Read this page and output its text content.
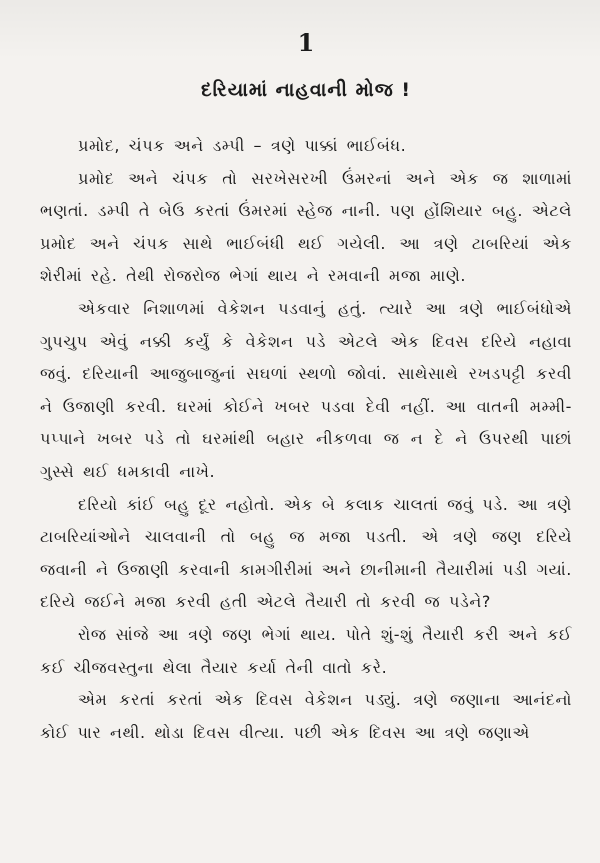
1
દરિયામાં નાહવાની મોજ !

પ્રમોદ, ચંપક અને ડમ્પી – ત્રણે પાક્કાં ભાઈબંધ.

પ્રમોદ અને ચંપક તો સરખેસરખી ઉંમરનાં અને એક જ શાળામાં ભણતાં. ડમ્પી તે બેઉ કરતાં ઉંમરમાં સ્હેજ નાની. પણ હોંશિયાર બહુ. એટલે પ્રમોદ અને ચંપક સાથે ભાઈબંધી થઈ ગયેલી. આ ત્રણે ટાબરિયાં એક શેરીમાં રહે. તેથી રોજરોજ ભેગાં થાય ને રમવાની મજા માણે.

એકવાર નિશાળમાં વેકેશન પડવાનું હતું. ત્યારે આ ત્રણે ભાઈબંધોએ ગુપચુપ એવું નક્કી કર્યું કે વેકેશન પડે એટલે એક દિવસ દરિયે નહાવા જવું. દરિયાની આજુબાજુનાં સઘળાં સ્થળો જોવાં. સાથેસાથે રખડપટ્ટી કરવી ને ઉજાણી કરવી. ઘરમાં કોઈને ખબર પડવા દેવી નહીં. આ વાતની મમ્મી-પપ્પાને ખબર પડે તો ઘરમાંથી બહાર નીકળવા જ ન દે ને ઉપરથી પાછાં ગુસ્સે થઈ ધમકાવી નાખે.

દરિયો કાંઈ બહુ દૂર નહોતો. એક બે કલાક ચાલતાં જવું પડે. આ ત્રણે ટાબરિયાંઓને ચાલવાની તો બહુ જ મજા પડતી. એ ત્રણે જણ દરિયે જવાની ને ઉજાણી કરવાની કામગીરીમાં અને છાનીમાની તૈયારીમાં પડી ગયાં. દરિયે જઈને મજા કરવી હતી એટલે તૈયારી તો કરવી જ પડેને?

રોજ સાંજે આ ત્રણે જણ ભેગાં થાય. પોતે શું-શું તૈયારી કરી અને કઈ કઈ ચીજવસ્તુના થેલા તૈયાર કર્યા તેની વાતો કરે.

એમ કરતાં કરતાં એક દિવસ વેકેશન પડ્યું. ત્રણે જણાના આનંદનો કોઈ પાર નથી. થોડા દિવસ વીત્યા. પછી એક દિવસ આ ત્રણે જણાએ
